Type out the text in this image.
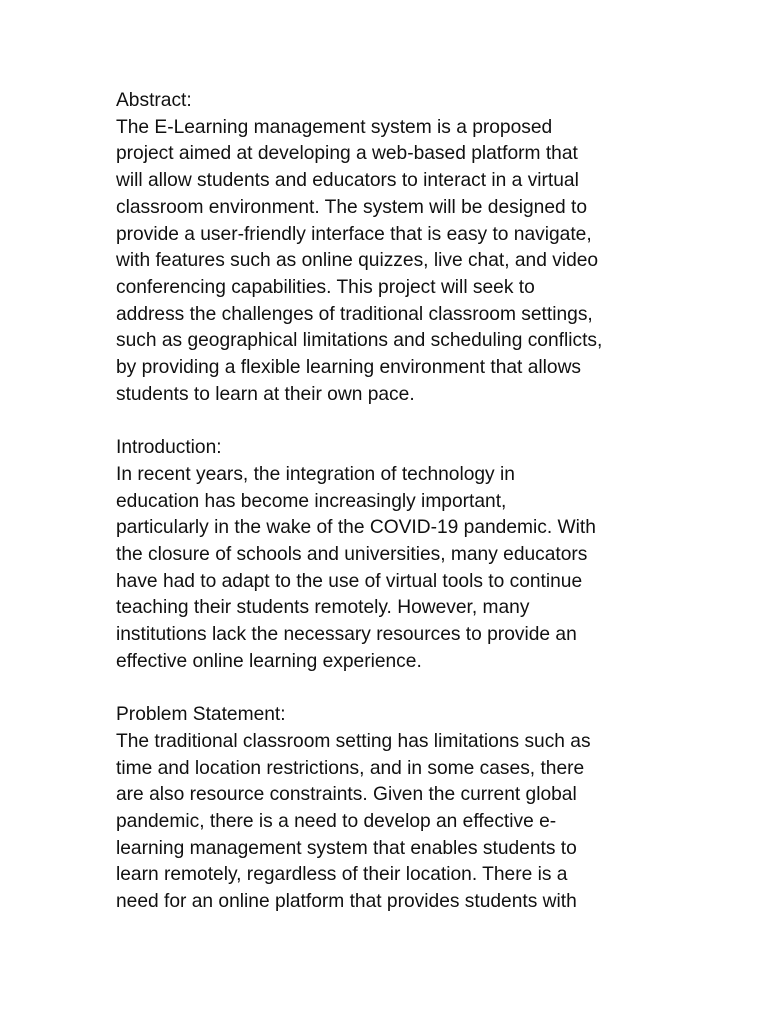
Abstract:

The E-Learning management system is a proposed
project aimed at developing a web-based platform that
will allow students and educators to interact in a virtual
classroom environment. The system will be designed to
provide a user-friendly interface that is easy to navigate,
with features such as online quizzes, live chat, and video
conferencing capabilities. This project will seek to
address the challenges of traditional classroom settings,
such as geographical limitations and scheduling conflicts,
by providing a flexible learning environment that allows
students to learn at their own pace.

Introduction:

In recent years, the integration of technology in
education has become increasingly important,
particularly in the wake of the COVID-19 pandemic. With
the closure of schools and universities, many educators
have had to adapt to the use of virtual tools to continue
teaching their students remotely. However, many
institutions lack the necessary resources to provide an
effective online learning experience.

Problem Statement:

The traditional classroom setting has limitations such as
time and location restrictions, and in some cases, there
are also resource constraints. Given the current global
pandemic, there is a need to develop an effective e-
learning management system that enables students to
learn remotely, regardless of their location. There is a
need for an online platform that provides students with
